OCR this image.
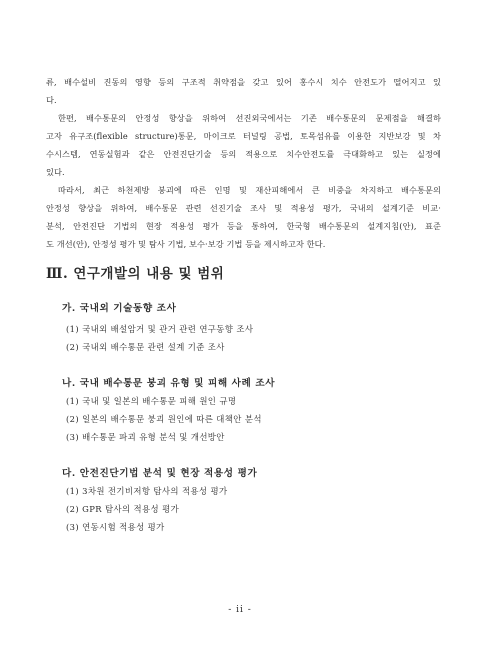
류, 배수설비 진동의 영향 등의 구조적 취약점을 갖고 있어 홍수시 치수 안전도가 떨어지고 있
다.
한편, 배수통문의 안정성 향상을 위하여 선진외국에서는 기존 배수통문의 문제점을 해결하
고자 유구조(flexible structure)통문, 마이크로 터널링 공법, 토목섬유를 이용한 지반보강 및 차
수시스템, 연동실험과 같은 안전진단기술 등의 적용으로 치수안전도를 극대화하고 있는 실정에
있다.
따라서, 최근 하천제방 붕괴에 따른 인명 및 재산피해에서 큰 비중을 차지하고 배수통문의
안정성 향상을 위하여, 배수통문 관련 선진기술 조사 및 적용성 평가, 국내의 설계기준 비교·
분석, 안전진단 기법의 현장 적용성 평가 등을 통하여, 한국형 배수통문의 설계지침(안), 표준
도 개선(안), 안정성 평가 및 탐사 기법, 보수·보강 기법 등을 제시하고자 한다.
Ⅲ. 연구개발의 내용 및 범위
가. 국내외 기술동향 조사
(1) 국내외 배설암거 및 관거 관련 연구동향 조사
(2) 국내외 배수통문 관련 설계 기준 조사
나. 국내 배수통문 붕괴 유형 및 피해 사례 조사
(1) 국내 및 일본의 배수통문 피해 원인 규명
(2) 일본의 배수통문 붕괴 원인에 따른 대책안 분석
(3) 배수통문 파괴 유형 분석 및 개선방안
다. 안전진단기법 분석 및 현장 적용성 평가
(1) 3차원 전기비저항 탐사의 적용성 평가
(2) GPR 탐사의 적용성 평가
(3) 연동시험 적용성 평가
- ii -
